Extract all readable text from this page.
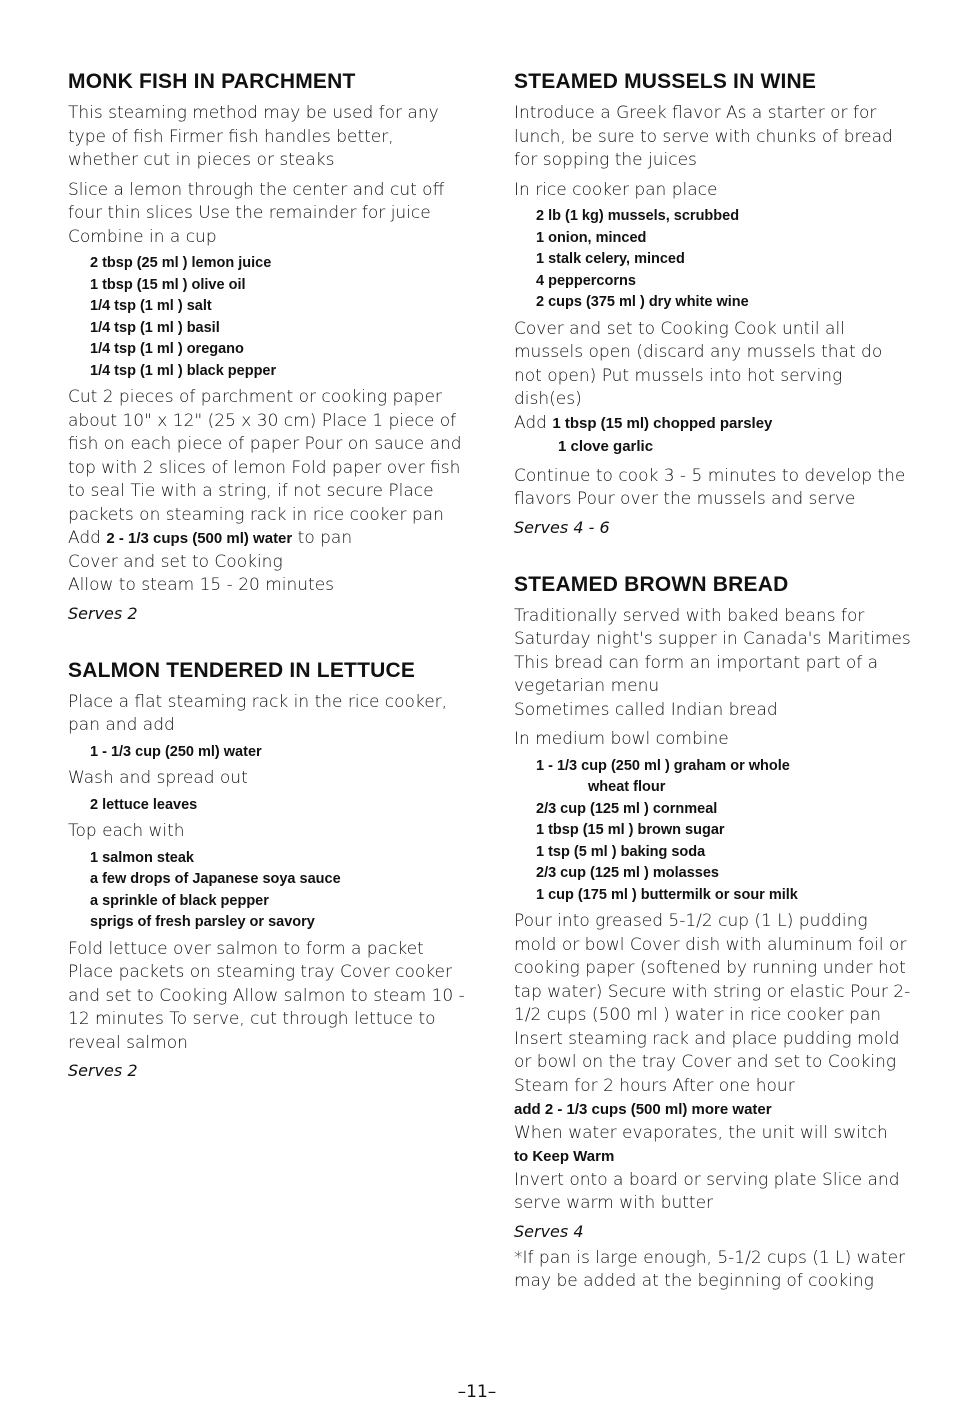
MONK FISH IN PARCHMENT

This steaming method may be used for any type of fish Firmer fish handles better, whether cut in pieces or steaks

Slice a lemon through the center and cut off four thin slices Use the remainder for juice

Combine in a cup

2 tbsp (25 ml ) lemon juice
1 tbsp (15 ml ) olive oil
1/4 tsp (1 ml ) salt
1/4 tsp (1 ml ) basil
1/4 tsp (1 ml ) oregano
1/4 tsp (1 ml ) black pepper

Cut 2 pieces of parchment or cooking paper about 10" x 12" (25 x 30 cm) Place 1 piece of fish on each piece of paper Pour on sauce and top with 2 slices of lemon Fold paper over fish to seal Tie with a string, if not secure Place packets on steaming rack in rice cooker pan

Add 2 - 1/3 cups (500 ml) water to pan

Cover and set to Cooking

Allow to steam 15 - 20 minutes

Serves 2

SALMON TENDERED IN LETTUCE

Place a flat steaming rack in the rice cooker, pan and add

1 - 1/3 cup (250 ml) water

Wash and spread out

2 lettuce leaves

Top each with

1 salmon steak
a few drops of Japanese soya sauce
a sprinkle of black pepper
sprigs of fresh parsley or savory

Fold lettuce over salmon to form a packet Place packets on steaming tray Cover cooker and set to Cooking Allow salmon to steam 10 - 12 minutes To serve, cut through lettuce to reveal salmon

Serves 2

STEAMED MUSSELS IN WINE

Introduce a Greek flavor As a starter or for lunch, be sure to serve with chunks of bread for sopping the juices

In rice cooker pan place

2 lb (1 kg) mussels, scrubbed
1 onion, minced
1 stalk celery, minced
4 peppercorns
2 cups (375 ml ) dry white wine

Cover and set to Cooking Cook until all mussels open (discard any mussels that do not open) Put mussels into hot serving dish(es)

Add 1 tbsp (15 ml) chopped parsley

1 clove garlic

Continue to cook 3 - 5 minutes to develop the flavors Pour over the mussels and serve

Serves 4 - 6

STEAMED BROWN BREAD

Traditionally served with baked beans for Saturday night's supper in Canada's Maritimes This bread can form an important part of a vegetarian menu

Sometimes called Indian bread

In medium bowl combine

1 - 1/3 cup (250 ml ) graham or whole
wheat flour
2/3 cup (125 ml ) cornmeal
1 tbsp (15 ml ) brown sugar
1 tsp (5 ml ) baking soda
2/3 cup (125 ml ) molasses
1 cup (175 ml ) buttermilk or sour milk

Pour into greased 5-1/2 cup (1 L) pudding mold or bowl Cover dish with aluminum foil or cooking paper (softened by running under hot tap water) Secure with string or elastic Pour 2-1/2 cups (500 ml ) water in rice cooker pan Insert steaming rack and place pudding mold or bowl on the tray Cover and set to Cooking Steam for 2 hours After one hour

add 2 - 1/3 cups (500 ml) more water

When water evaporates, the unit will switch

to Keep Warm

Invert onto a board or serving plate Slice and serve warm with butter

Serves 4

*If pan is large enough, 5-1/2 cups (1 L) water may be added at the beginning of cooking

–11–
